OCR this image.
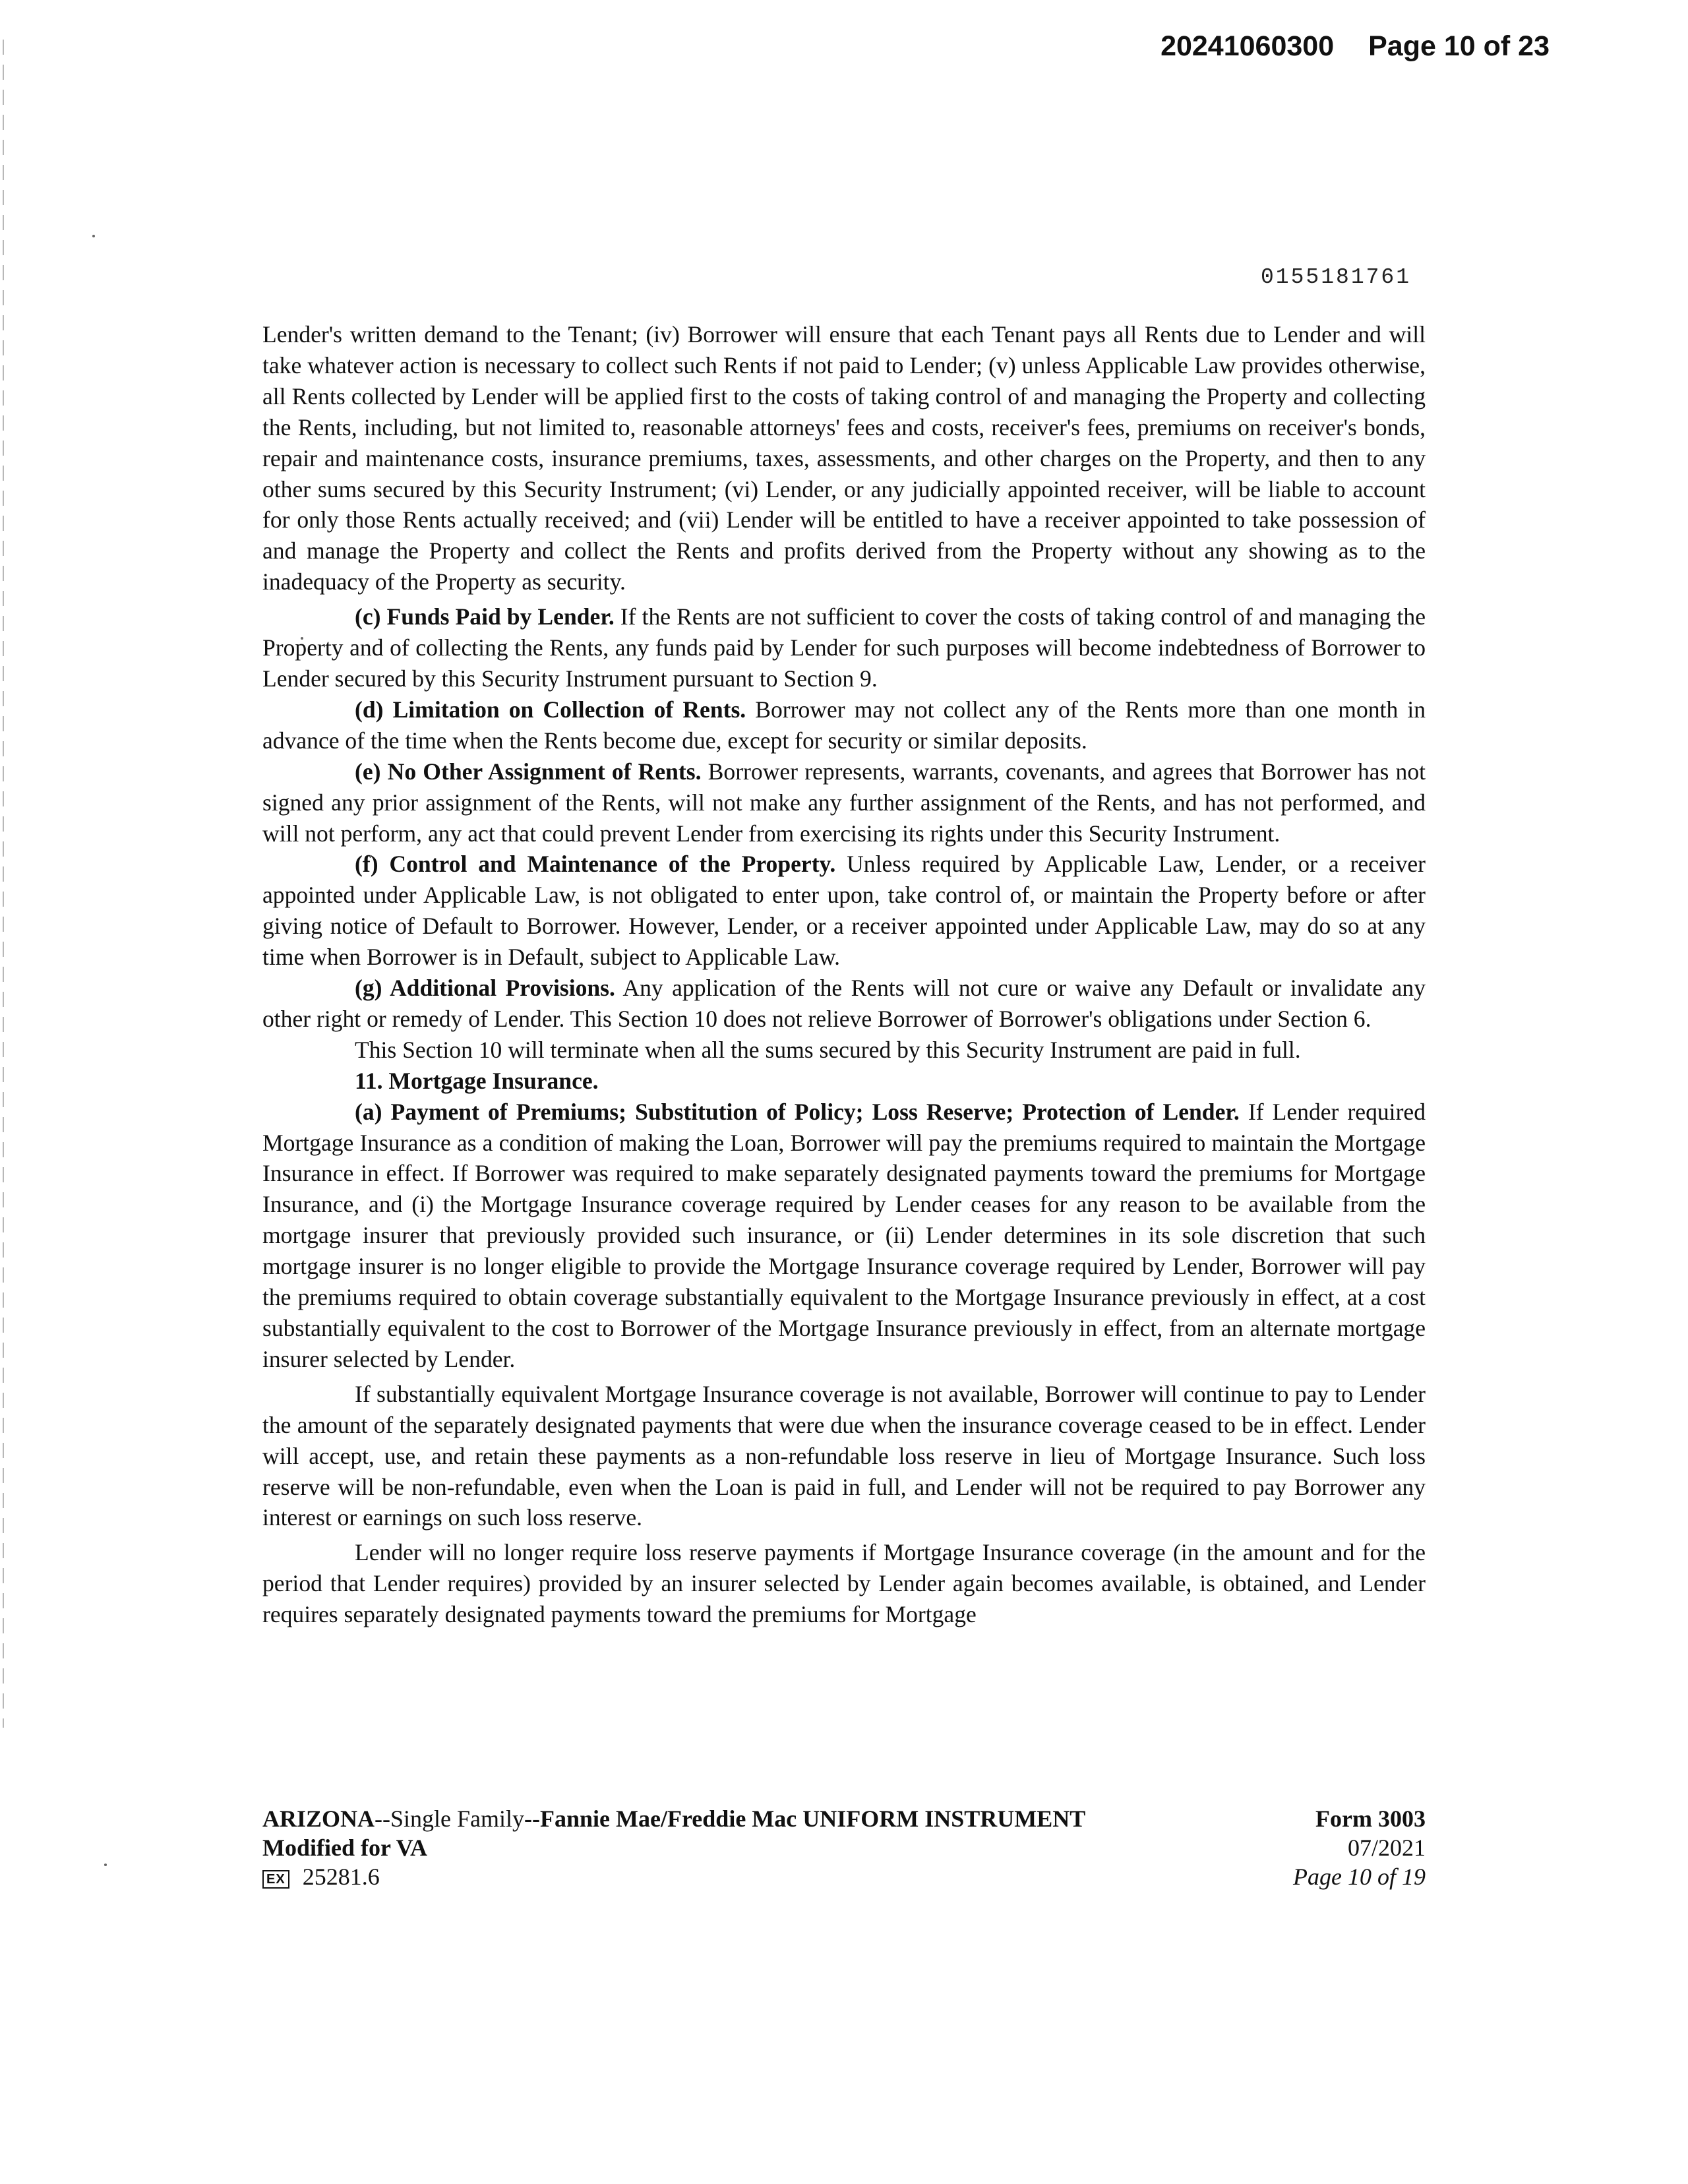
20241060300 Page 10 of 23
0155181761

Lender's written demand to the Tenant; (iv) Borrower will ensure that each Tenant pays all Rents due to Lender and will take whatever action is necessary to collect such Rents if not paid to Lender; (v) unless Applicable Law provides otherwise, all Rents collected by Lender will be applied first to the costs of taking control of and managing the Property and collecting the Rents, including, but not limited to, reasonable attorneys' fees and costs, receiver's fees, premiums on receiver's bonds, repair and maintenance costs, insurance premiums, taxes, assessments, and other charges on the Property, and then to any other sums secured by this Security Instrument; (vi) Lender, or any judicially appointed receiver, will be liable to account for only those Rents actually received; and (vii) Lender will be entitled to have a receiver appointed to take possession of and manage the Property and collect the Rents and profits derived from the Property without any showing as to the inadequacy of the Property as security.

(c) Funds Paid by Lender. If the Rents are not sufficient to cover the costs of taking control of and managing the Property and of collecting the Rents, any funds paid by Lender for such purposes will become indebtedness of Borrower to Lender secured by this Security Instrument pursuant to Section 9.

(d) Limitation on Collection of Rents. Borrower may not collect any of the Rents more than one month in advance of the time when the Rents become due, except for security or similar deposits.

(e) No Other Assignment of Rents. Borrower represents, warrants, covenants, and agrees that Borrower has not signed any prior assignment of the Rents, will not make any further assignment of the Rents, and has not performed, and will not perform, any act that could prevent Lender from exercising its rights under this Security Instrument.

(f) Control and Maintenance of the Property. Unless required by Applicable Law, Lender, or a receiver appointed under Applicable Law, is not obligated to enter upon, take control of, or maintain the Property before or after giving notice of Default to Borrower. However, Lender, or a receiver appointed under Applicable Law, may do so at any time when Borrower is in Default, subject to Applicable Law.

(g) Additional Provisions. Any application of the Rents will not cure or waive any Default or invalidate any other right or remedy of Lender. This Section 10 does not relieve Borrower of Borrower's obligations under Section 6.

This Section 10 will terminate when all the sums secured by this Security Instrument are paid in full.

11. Mortgage Insurance.

(a) Payment of Premiums; Substitution of Policy; Loss Reserve; Protection of Lender. If Lender required Mortgage Insurance as a condition of making the Loan, Borrower will pay the premiums required to maintain the Mortgage Insurance in effect. If Borrower was required to make separately designated payments toward the premiums for Mortgage Insurance, and (i) the Mortgage Insurance coverage required by Lender ceases for any reason to be available from the mortgage insurer that previously provided such insurance, or (ii) Lender determines in its sole discretion that such mortgage insurer is no longer eligible to provide the Mortgage Insurance coverage required by Lender, Borrower will pay the premiums required to obtain coverage substantially equivalent to the Mortgage Insurance previously in effect, at a cost substantially equivalent to the cost to Borrower of the Mortgage Insurance previously in effect, from an alternate mortgage insurer selected by Lender.

If substantially equivalent Mortgage Insurance coverage is not available, Borrower will continue to pay to Lender the amount of the separately designated payments that were due when the insurance coverage ceased to be in effect. Lender will accept, use, and retain these payments as a non-refundable loss reserve in lieu of Mortgage Insurance. Such loss reserve will be non-refundable, even when the Loan is paid in full, and Lender will not be required to pay Borrower any interest or earnings on such loss reserve.

Lender will no longer require loss reserve payments if Mortgage Insurance coverage (in the amount and for the period that Lender requires) provided by an insurer selected by Lender again becomes available, is obtained, and Lender requires separately designated payments toward the premiums for Mortgage

ARIZONA--Single Family--Fannie Mae/Freddie Mac UNIFORM INSTRUMENT
Modified for VA
EX 25281.6
Form 3003
07/2021
Page 10 of 19
